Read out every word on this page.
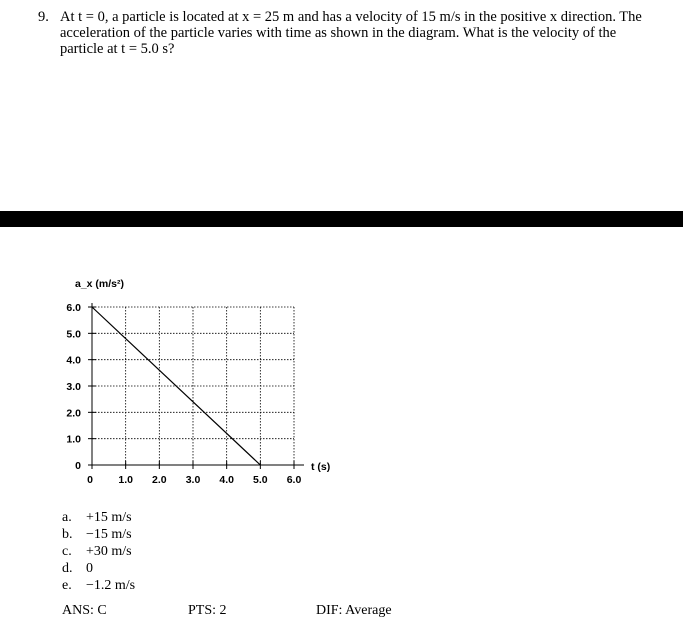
9. At t = 0, a particle is located at x = 25 m and has a velocity of 15 m/s in the positive x direction. The acceleration of the particle varies with time as shown in the diagram. What is the velocity of the particle at t = 5.0 s?
0 1.0 2.0 3.0 4.0 5.0 6.0
0
1.0
2.0
3.0
4.0
5.0
6.0
a_x (m/s²)
t (s)
a. +15 m/s
b. −15 m/s
c. +30 m/s
d. 0
e. −1.2 m/s
ANS: C	PTS: 2	DIF: Average
